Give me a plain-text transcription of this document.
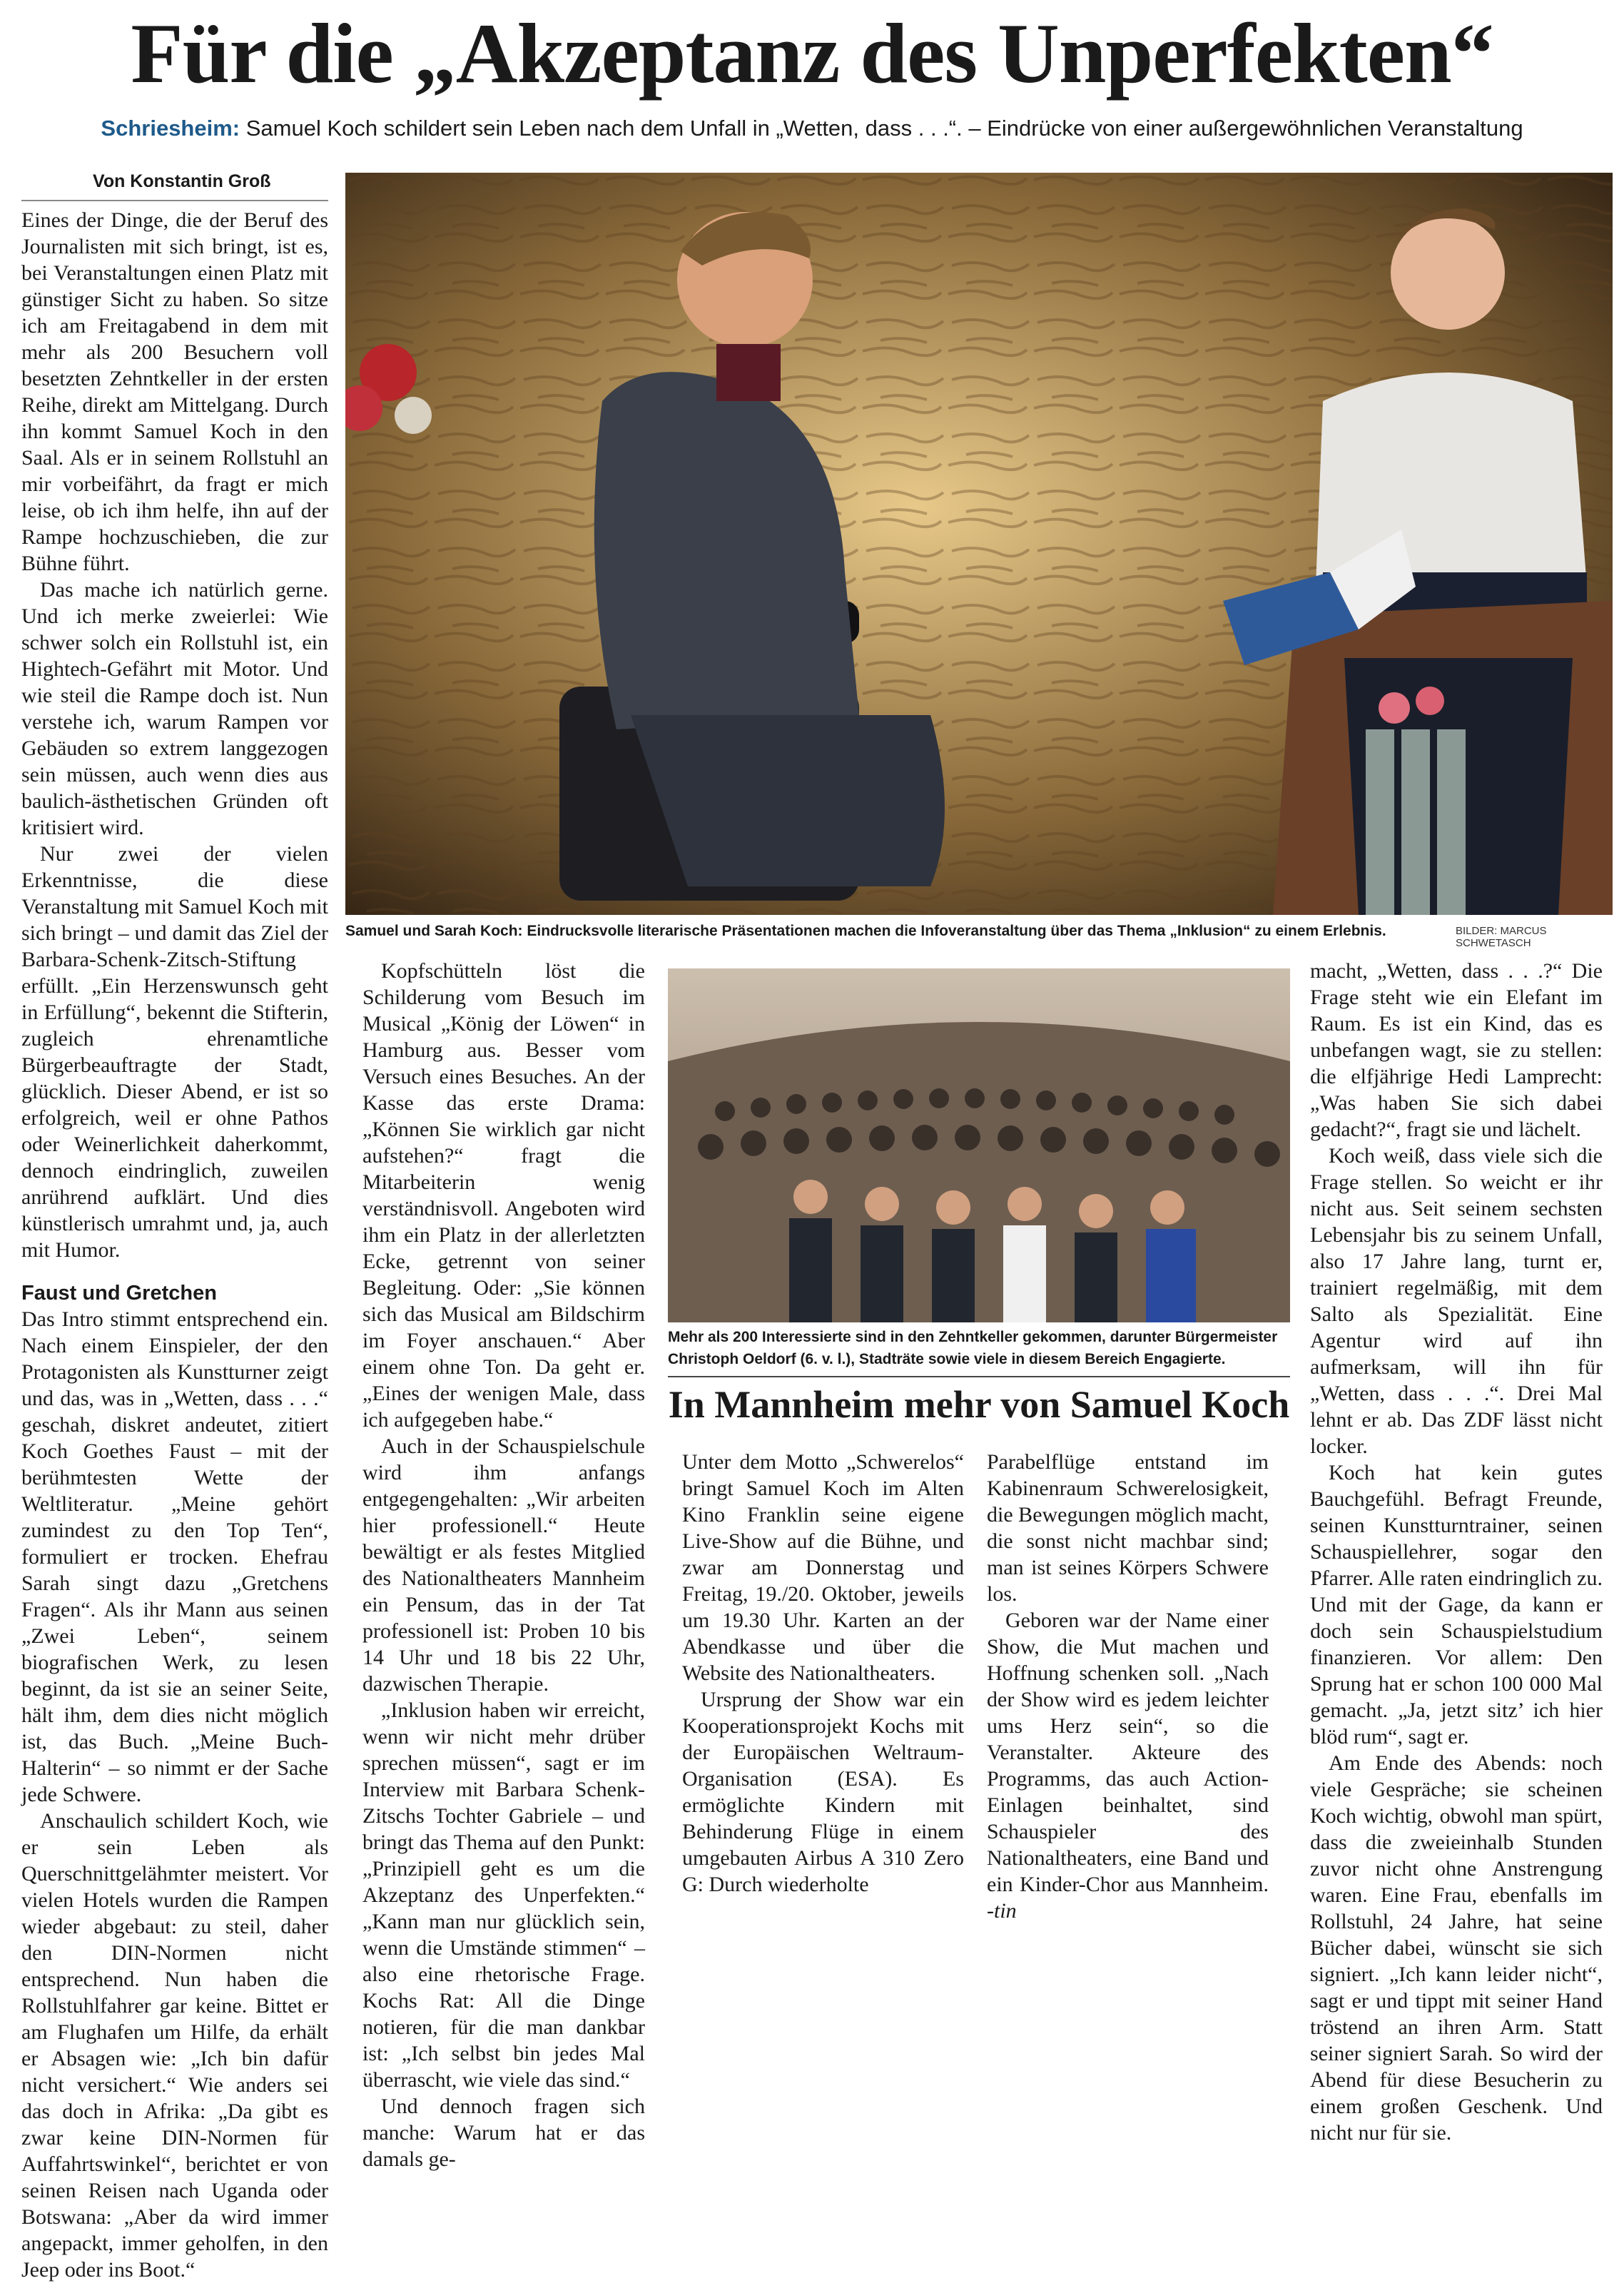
Für die „Akzeptanz des Unperfekten“
Schriesheim: Samuel Koch schildert sein Leben nach dem Unfall in „Wetten, dass . . .“. – Eindrücke von einer außergewöhnlichen Veranstaltung
Von Konstantin Groß

Eines der Dinge, die der Beruf des Journalisten mit sich bringt, ist es, bei Veranstaltungen einen Platz mit günstiger Sicht zu haben. So sitze ich am Freitagabend in dem mit mehr als 200 Besuchern voll besetzten Zehntkeller in der ersten Reihe, direkt am Mittelgang. Durch ihn kommt Samuel Koch in den Saal. Als er in seinem Rollstuhl an mir vorbeifährt, da fragt er mich leise, ob ich ihm helfe, ihn auf der Rampe hochzuschieben, die zur Bühne führt.

Das mache ich natürlich gerne. Und ich merke zweierlei: Wie schwer solch ein Rollstuhl ist, ein Hightech-Gefährt mit Motor. Und wie steil die Rampe doch ist. Nun verstehe ich, warum Rampen vor Gebäuden so extrem langgezogen sein müssen, auch wenn dies aus baulich-ästhetischen Gründen oft kritisiert wird.

Nur zwei der vielen Erkenntnisse, die diese Veranstaltung mit Samuel Koch mit sich bringt – und damit das Ziel der Barbara-Schenk-Zitsch-Stiftung erfüllt. „Ein Herzenswunsch geht in Erfüllung“, bekennt die Stifterin, zugleich ehrenamtliche Bürgerbeauftragte der Stadt, glücklich. Dieser Abend, er ist so erfolgreich, weil er ohne Pathos oder Weinerlichkeit daherkommt, dennoch eindringlich, zuweilen anrührend aufklärt. Und dies künstlerisch umrahmt und, ja, auch mit Humor.

Faust und Gretchen

Das Intro stimmt entsprechend ein. Nach einem Einspieler, der den Protagonisten als Kunstturner zeigt und das, was in „Wetten, dass . . .“ geschah, diskret andeutet, zitiert Koch Goethes Faust – mit der berühmtesten Wette der Weltliteratur. „Meine gehört zumindest zu den Top Ten“, formuliert er trocken. Ehefrau Sarah singt dazu „Gretchens Fragen“. Als ihr Mann aus seinen „Zwei Leben“, seinem biografischen Werk, zu lesen beginnt, da ist sie an seiner Seite, hält ihm, dem dies nicht möglich ist, das Buch. „Meine Buch-Halterin“ – so nimmt er der Sache jede Schwere.

Anschaulich schildert Koch, wie er sein Leben als Querschnittgelähmter meistert. Vor vielen Hotels wurden die Rampen wieder abgebaut: zu steil, daher den DIN-Normen nicht entsprechend. Nun haben die Rollstuhlfahrer gar keine. Bittet er am Flughafen um Hilfe, da erhält er Absagen wie: „Ich bin dafür nicht versichert.“ Wie anders sei das doch in Afrika: „Da gibt es zwar keine DIN-Normen für Auffahrtswinkel“, berichtet er von seinen Reisen nach Uganda oder Botswana: „Aber da wird immer angepackt, immer geholfen, in den Jeep oder ins Boot.“

Samuel und Sarah Koch: Eindrucksvolle literarische Präsentationen machen die Infoveranstaltung über das Thema „Inklusion“ zu einem Erlebnis.	BILDER: MARCUS SCHWETASCH

Kopfschütteln löst die Schilderung vom Besuch im Musical „König der Löwen“ in Hamburg aus. Besser vom Versuch eines Besuches. An der Kasse das erste Drama: „Können Sie wirklich gar nicht aufstehen?“ fragt die Mitarbeiterin wenig verständnisvoll. Angeboten wird ihm ein Platz in der allerletzten Ecke, getrennt von seiner Begleitung. Oder: „Sie können sich das Musical am Bildschirm im Foyer anschauen.“ Aber einem ohne Ton. Da geht er. „Eines der wenigen Male, dass ich aufgegeben habe.“

Auch in der Schauspielschule wird ihm anfangs entgegengehalten: „Wir arbeiten hier professionell.“ Heute bewältigt er als festes Mitglied des Nationaltheaters Mannheim ein Pensum, das in der Tat professionell ist: Proben 10 bis 14 Uhr und 18 bis 22 Uhr, dazwischen Therapie.

„Inklusion haben wir erreicht, wenn wir nicht mehr drüber sprechen müssen“, sagt er im Interview mit Barbara Schenk-Zitschs Tochter Gabriele – und bringt das Thema auf den Punkt: „Prinzipiell geht es um die Akzeptanz des Unperfekten.“ „Kann man nur glücklich sein, wenn die Umstände stimmen“ – also eine rhetorische Frage. Kochs Rat: All die Dinge notieren, für die man dankbar ist: „Ich selbst bin jedes Mal überrascht, wie viele das sind.“

Und dennoch fragen sich manche: Warum hat er das damals ge-

Mehr als 200 Interessierte sind in den Zehntkeller gekommen, darunter Bürgermeister Christoph Oeldorf (6. v. l.), Stadträte sowie viele in diesem Bereich Engagierte.
In Mannheim mehr von Samuel Koch

Unter dem Motto „Schwerelos“ bringt Samuel Koch im Alten Kino Franklin seine eigene Live-Show auf die Bühne, und zwar am Donnerstag und Freitag, 19./20. Oktober, jeweils um 19.30 Uhr. Karten an der Abendkasse und über die Website des Nationaltheaters.

Ursprung der Show war ein Kooperationsprojekt Kochs mit der Europäischen Weltraum-Organisation (ESA). Es ermöglichte Kindern mit Behinderung Flüge in einem umgebauten Airbus A 310 Zero G: Durch wiederholte

Parabelflüge entstand im Kabinenraum Schwerelosigkeit, die Bewegungen möglich macht, die sonst nicht machbar sind; man ist seines Körpers Schwere los.

Geboren war der Name einer Show, die Mut machen und Hoffnung schenken soll. „Nach der Show wird es jedem leichter ums Herz sein“, so die Veranstalter. Akteure des Programms, das auch Action-Einlagen beinhaltet, sind Schauspieler des Nationaltheaters, eine Band und ein Kinder-Chor aus Mannheim. -tin

macht, „Wetten, dass . . .?“ Die Frage steht wie ein Elefant im Raum. Es ist ein Kind, das es unbefangen wagt, sie zu stellen: die elfjährige Hedi Lamprecht: „Was haben Sie sich dabei gedacht?“, fragt sie und lächelt.

Koch weiß, dass viele sich die Frage stellen. So weicht er ihr nicht aus. Seit seinem sechsten Lebensjahr bis zu seinem Unfall, also 17 Jahre lang, turnt er, trainiert regelmäßig, mit dem Salto als Spezialität. Eine Agentur wird auf ihn aufmerksam, will ihn für „Wetten, dass . . .“. Drei Mal lehnt er ab. Das ZDF lässt nicht locker.

Koch hat kein gutes Bauchgefühl. Befragt Freunde, seinen Kunstturntrainer, seinen Schauspiellehrer, sogar den Pfarrer. Alle raten eindringlich zu. Und mit der Gage, da kann er doch sein Schauspielstudium finanzieren. Vor allem: Den Sprung hat er schon 100 000 Mal gemacht. „Ja, jetzt sitz’ ich hier blöd rum“, sagt er.

Am Ende des Abends: noch viele Gespräche; sie scheinen Koch wichtig, obwohl man spürt, dass die zweieinhalb Stunden zuvor nicht ohne Anstrengung waren. Eine Frau, ebenfalls im Rollstuhl, 24 Jahre, hat seine Bücher dabei, wünscht sie sich signiert. „Ich kann leider nicht“, sagt er und tippt mit seiner Hand tröstend an ihren Arm. Statt seiner signiert Sarah. So wird der Abend für diese Besucherin zu einem großen Geschenk. Und nicht nur für sie.
